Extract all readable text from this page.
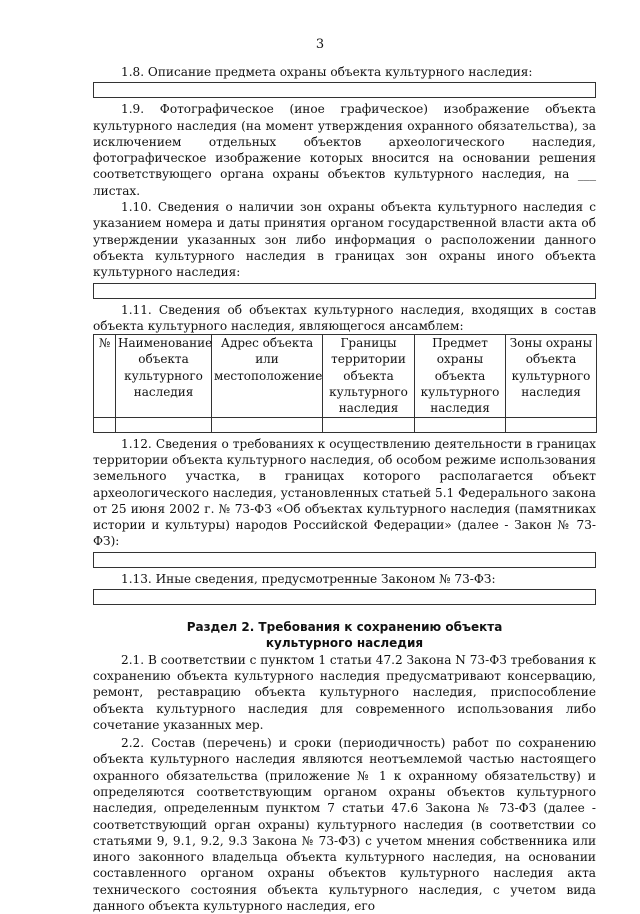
3

1.8. Описание предмета охраны объекта культурного наследия:

1.9. Фотографическое (иное графическое) изображение объекта культурного наследия (на момент утверждения охранного обязательства), за исключением отдельных объектов археологического наследия, фотографическое изображение которых вносится на основании решения соответствующего органа охраны объектов культурного наследия, на ___ листах.

1.10. Сведения о наличии зон охраны объекта культурного наследия с указанием номера и даты принятия органом государственной власти акта об утверждении указанных зон либо информация о расположении данного объекта культурного наследия в границах зон охраны иного объекта культурного наследия:

1.11. Сведения об объектах культурного наследия, входящих в состав объекта культурного наследия, являющегося ансамблем:

№	Наименование объекта культурного наследия	Адрес объекта или местоположение	Границы территории объекта культурного наследия	Предмет охраны объекта культурного наследия	Зоны охраны объекта культурного наследия

1.12. Сведения о требованиях к осуществлению деятельности в границах территории объекта культурного наследия, об особом режиме использования земельного участка, в границах которого располагается объект археологического наследия, установленных статьей 5.1 Федерального закона от 25 июня 2002 г. № 73-ФЗ «Об объектах культурного наследия (памятниках истории и культуры) народов Российской Федерации» (далее - Закон № 73-ФЗ):

1.13. Иные сведения, предусмотренные Законом № 73-ФЗ:

Раздел 2. Требования к сохранению объекта
культурного наследия

2.1. В соответствии с пунктом 1 статьи 47.2 Закона N 73-ФЗ требования к сохранению объекта культурного наследия предусматривают консервацию, ремонт, реставрацию объекта культурного наследия, приспособление объекта культурного наследия для современного использования либо сочетание указанных мер.

2.2. Состав (перечень) и сроки (периодичность) работ по сохранению объекта культурного наследия являются неотъемлемой частью настоящего охранного обязательства (приложение № 1 к охранному обязательству) и определяются соответствующим органом охраны объектов культурного наследия, определенным пунктом 7 статьи 47.6 Закона № 73-ФЗ (далее - соответствующий орган охраны) культурного наследия (в соответствии со статьями 9, 9.1, 9.2, 9.3 Закона № 73-ФЗ) с учетом мнения собственника или иного законного владельца объекта культурного наследия, на основании составленного органом охраны объектов культурного наследия акта технического состояния объекта культурного наследия, с учетом вида данного объекта культурного наследия, его
